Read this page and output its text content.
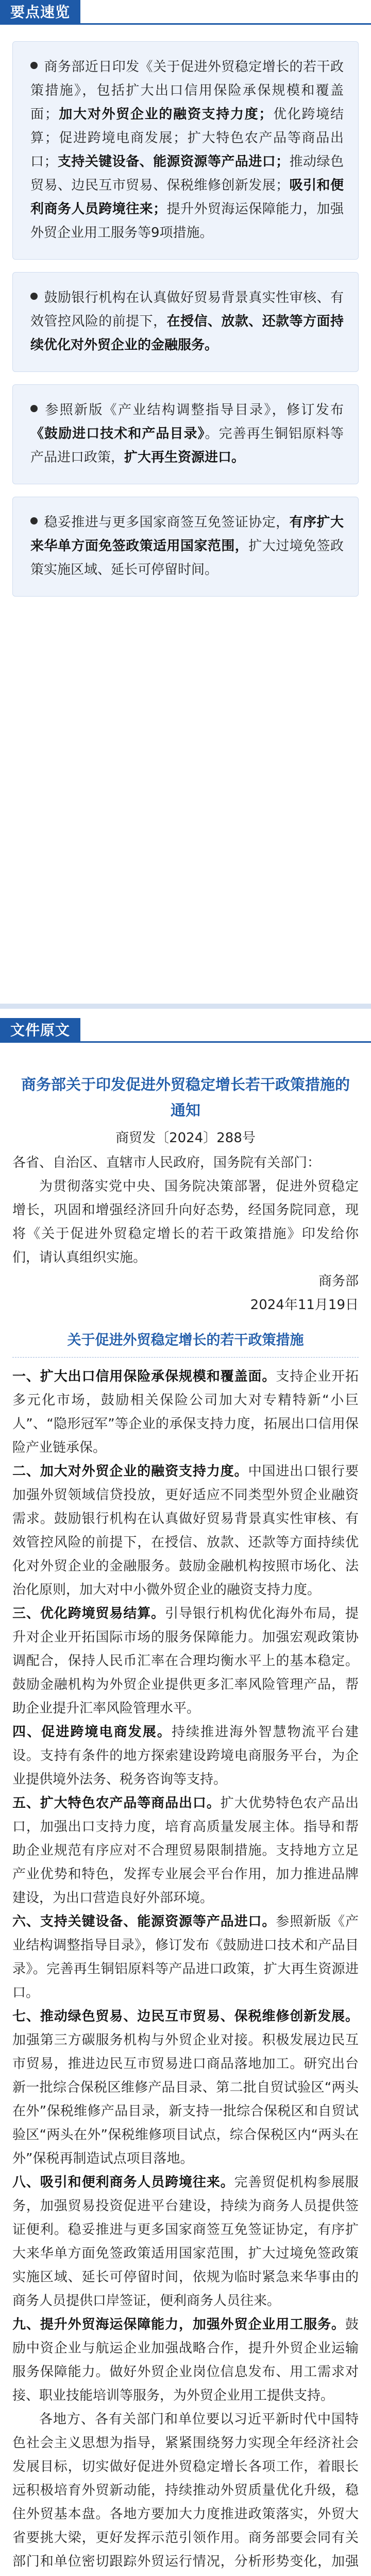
要点速览
商务部近日印发《关于促进外贸稳定增长的若干政策措施》，包括扩大出口信用保险承保规模和覆盖面；加大对外贸企业的融资支持力度；优化跨境结算；促进跨境电商发展；扩大特色农产品等商品出口；支持关键设备、能源资源等产品进口；推动绿色贸易、边民互市贸易、保税维修创新发展；吸引和便利商务人员跨境往来；提升外贸海运保障能力，加强外贸企业用工服务等9项措施。
鼓励银行机构在认真做好贸易背景真实性审核、有效管控风险的前提下，在授信、放款、还款等方面持续优化对外贸企业的金融服务。
参照新版《产业结构调整指导目录》，修订发布《鼓励进口技术和产品目录》。完善再生铜铝原料等产品进口政策，扩大再生资源进口。
稳妥推进与更多国家商签互免签证协定，有序扩大来华单方面免签政策适用国家范围，扩大过境免签政策实施区域、延长可停留时间。
文件原文
商务部关于印发促进外贸稳定增长若干政策措施的通知
商贸发〔2024〕288号

各省、自治区、直辖市人民政府，国务院有关部门：

为贯彻落实党中央、国务院决策部署，促进外贸稳定增长，巩固和增强经济回升向好态势，经国务院同意，现将《关于促进外贸稳定增长的若干政策措施》印发给你们，请认真组织实施。

商务部

2024年11月19日

关于促进外贸稳定增长的若干政策措施

一、扩大出口信用保险承保规模和覆盖面。支持企业开拓多元化市场，鼓励相关保险公司加大对专精特新“小巨人”、“隐形冠军”等企业的承保支持力度，拓展出口信用保险产业链承保。

二、加大对外贸企业的融资支持力度。中国进出口银行要加强外贸领域信贷投放，更好适应不同类型外贸企业融资需求。鼓励银行机构在认真做好贸易背景真实性审核、有效管控风险的前提下，在授信、放款、还款等方面持续优化对外贸企业的金融服务。鼓励金融机构按照市场化、法治化原则，加大对中小微外贸企业的融资支持力度。

三、优化跨境贸易结算。引导银行机构优化海外布局，提升对企业开拓国际市场的服务保障能力。加强宏观政策协调配合，保持人民币汇率在合理均衡水平上的基本稳定。鼓励金融机构为外贸企业提供更多汇率风险管理产品，帮助企业提升汇率风险管理水平。

四、促进跨境电商发展。持续推进海外智慧物流平台建设。支持有条件的地方探索建设跨境电商服务平台，为企业提供境外法务、税务咨询等支持。

五、扩大特色农产品等商品出口。扩大优势特色农产品出口，加强出口支持力度，培育高质量发展主体。指导和帮助企业规范有序应对不合理贸易限制措施。支持地方立足产业优势和特色，发挥专业展会平台作用，加力推进品牌建设，为出口营造良好外部环境。

六、支持关键设备、能源资源等产品进口。参照新版《产业结构调整指导目录》，修订发布《鼓励进口技术和产品目录》。完善再生铜铝原料等产品进口政策，扩大再生资源进口。

七、推动绿色贸易、边民互市贸易、保税维修创新发展。加强第三方碳服务机构与外贸企业对接。积极发展边民互市贸易，推进边民互市贸易进口商品落地加工。研究出台新一批综合保税区维修产品目录、第二批自贸试验区“两头在外”保税维修产品目录，新支持一批综合保税区和自贸试验区“两头在外”保税维修项目试点，综合保税区内“两头在外”保税再制造试点项目落地。

八、吸引和便利商务人员跨境往来。完善贸促机构参展服务，加强贸易投资促进平台建设，持续为商务人员提供签证便利。稳妥推进与更多国家商签互免签证协定，有序扩大来华单方面免签政策适用国家范围，扩大过境免签政策实施区域、延长可停留时间，依规为临时紧急来华事由的商务人员提供口岸签证，便利商务人员往来。

九、提升外贸海运保障能力，加强外贸企业用工服务。鼓励中资企业与航运企业加强战略合作，提升外贸企业运输服务保障能力。做好外贸企业岗位信息发布、用工需求对接、职业技能培训等服务，为外贸企业用工提供支持。

各地方、各有关部门和单位要以习近平新时代中国特色社会主义思想为指导，紧紧围绕努力实现全年经济社会发展目标，切实做好促进外贸稳定增长各项工作，着眼长远积极培育外贸新动能，持续推动外贸质量优化升级，稳住外贸基本盘。各地方要加大力度推进政策落实，外贸大省要挑大梁，更好发挥示范引领作用。商务部要会同有关部门和单位密切跟踪外贸运行情况，分析形势变化，加强
